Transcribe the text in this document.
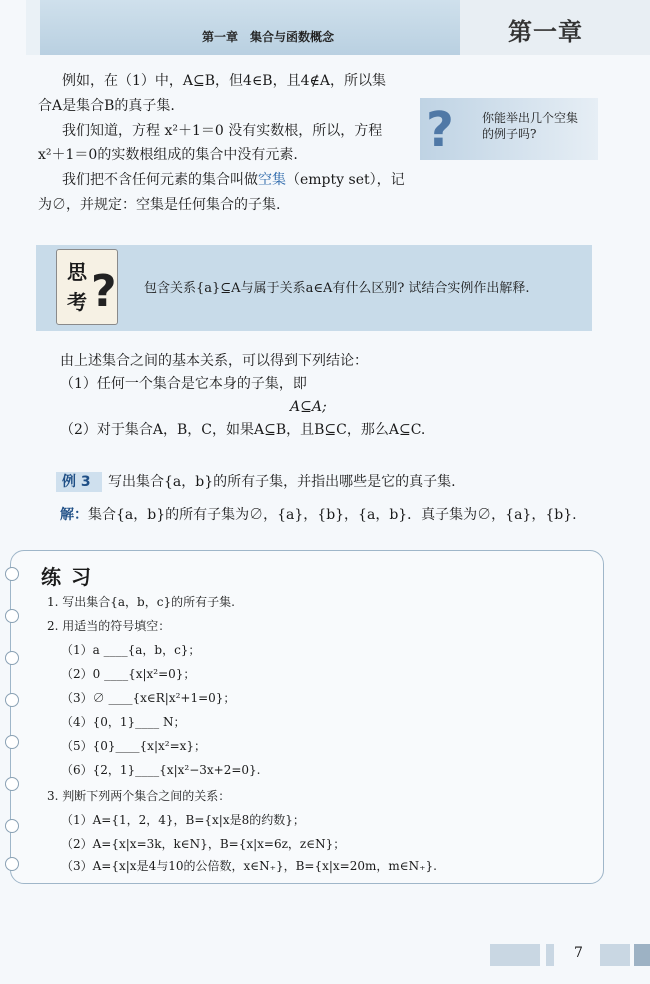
第一章　集合与函数概念	第一章
例如，在（1）中，A⊆B，但4∈B，且4∉A，所以集
合A是集合B的真子集.
我们知道，方程 x²＋1＝0 没有实数根，所以，方程
x²＋1＝0的实数根组成的集合中没有元素.
我们把不含任何元素的集合叫做空集（empty set），记
为∅，并规定：空集是任何集合的子集.
?	你能举出几个空集
的例子吗?
思
考 ? 包含关系{a}⊆A与属于关系a∈A有什么区别? 试结合实例作出解释.
由上述集合之间的基本关系，可以得到下列结论：
（1）任何一个集合是它本身的子集，即
A⊆A;
（2）对于集合A，B，C，如果A⊆B，且B⊆C，那么A⊆C.
例 3	写出集合{a，b}的所有子集，并指出哪些是它的真子集.
解：集合{a，b}的所有子集为∅，{a}，{b}，{a，b}．真子集为∅，{a}，{b}.
练习
1. 写出集合{a，b，c}的所有子集.
2. 用适当的符号填空：
（1）a ____{a，b，c}；
（2）0 ____{x|x²=0}；
（3）∅ ____{x∈R|x²+1=0}；
（4）{0，1}____ N；
（5）{0}____{x|x²=x}；
（6）{2，1}____{x|x²−3x+2=0}.
3. 判断下列两个集合之间的关系：
（1）A={1，2，4}，B={x|x是8的约数}；
（2）A={x|x=3k，k∈N}，B={x|x=6z，z∈N}；
（3）A={x|x是4与10的公倍数，x∈N₊}，B={x|x=20m，m∈N₊}.
7
